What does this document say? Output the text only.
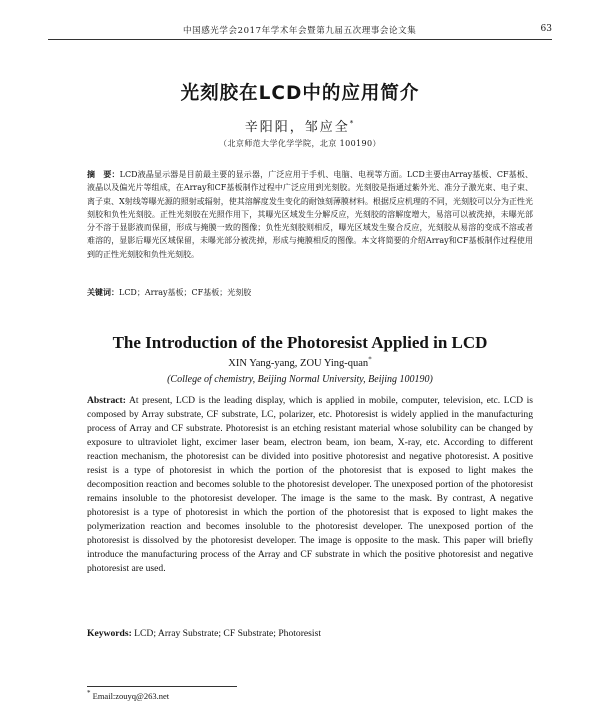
中国感光学会2017年学术年会暨第九届五次理事会论文集	63
光刻胶在LCD中的应用简介
辛阳阳，邹应全*
（北京师范大学化学学院，北京 100190）
摘　要：LCD液晶显示器是目前最主要的显示器，广泛应用于手机、电脑、电视等方面。LCD主要由Array基板、CF基板、液晶以及偏光片等组成，在Array和CF基板制作过程中广泛应用到光刻胶。光刻胶是指通过紫外光、准分子激光束、电子束、离子束、X射线等曝光源的照射或辐射，使其溶解度发生变化的耐蚀刻薄膜材料。根据反应机理的不同，光刻胶可以分为正性光刻胶和负性光刻胶。正性光刻胶在光照作用下，其曝光区域发生分解反应，光刻胶的溶解度增大，易溶可以被洗掉，未曝光部分不溶于显影液而保留，形成与掩膜一致的图像；负性光刻胶则相反，曝光区域发生聚合反应，光刻胶从易溶的变成不溶或者难溶的，显影后曝光区域保留，未曝光部分被洗掉，形成与掩膜相反的图像。本文将简要的介绍Array和CF基板制作过程使用到的正性光刻胶和负性光刻胶。
关键词：LCD；Array基板；CF基板；光刻胶
The Introduction of the Photoresist Applied in LCD
XIN Yang-yang, ZOU Ying-quan*
(College of chemistry, Beijing Normal University, Beijing 100190)
Abstract: At present, LCD is the leading display, which is applied in mobile, computer, television, etc. LCD is composed by Array substrate, CF substrate, LC, polarizer, etc. Photoresist is widely applied in the manufacturing process of Array and CF substrate. Photoresist is an etching resistant material whose solubility can be changed by exposure to ultraviolet light, excimer laser beam, electron beam, ion beam, X-ray, etc. According to different reaction mechanism, the photoresist can be divided into positive photoresist and negative photoresist. A positive resist is a type of photoresist in which the portion of the photoresist that is exposed to light makes the decomposition reaction and becomes soluble to the photoresist developer. The unexposed portion of the photoresist remains insoluble to the photoresist developer. The image is the same to the mask. By contrast, A negative photoresist is a type of photoresist in which the portion of the photoresist that is exposed to light makes the polymerization reaction and becomes insoluble to the photoresist developer. The unexposed portion of the photoresist is dissolved by the photoresist developer. The image is opposite to the mask. This paper will briefly introduce the manufacturing process of the Array and CF substrate in which the positive photoresist and negative photoresist are used.
Keywords: LCD; Array Substrate; CF Substrate; Photoresist
* Email:zouyq@263.net
